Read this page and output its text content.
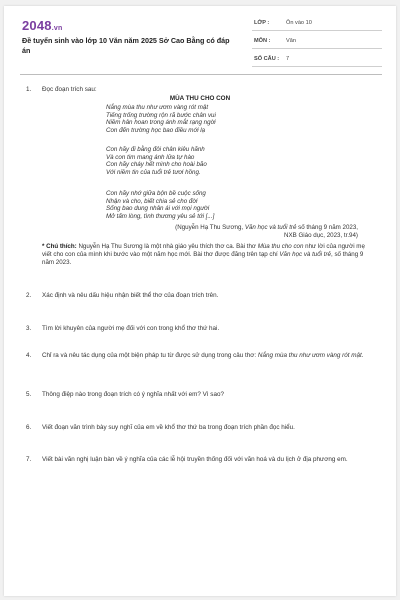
2048.vn
Đề tuyển sinh vào lớp 10 Văn năm 2025 Sở Cao Bằng có đáp án
LỚP :	Ôn vào 10
MÔN :	Văn
SỐ CÂU : 7
1. Đọc đoạn trích sau:
MÙA THU CHO CON
Nắng mùa thu như ươm vàng rót mật
Tiếng trống trường rộn rã bước chân vui
Niềm hân hoan trong ánh mắt rạng ngời
Con đến trường học bao điều mới lạ
Con hãy đi bằng đôi chân kiêu hãnh
Và con tim mang ánh lửa tự hào
Con hãy cháy hết mình cho hoài bão
Với niềm tin của tuổi trẻ tươi hồng.
Con hãy nhớ giữa bộn bề cuộc sống
Nhận và cho, biết chia sẻ cho đời
Sống bao dung nhân ái với mọi người
Mở tấm lòng, tình thương yêu sẻ tới [...]
(Nguyễn Hạ Thu Sương, Văn học và tuổi trẻ số tháng 9 năm 2023,
NXB Giáo dục, 2023, tr.94)
* Chú thích: Nguyễn Hạ Thu Sương là một nhà giáo yêu thích thơ ca. Bài thơ Mùa thu cho con như lời của người mẹ viết cho con của mình khi bước vào một năm học mới. Bài thơ được đăng trên tạp chí Văn học và tuổi trẻ, số tháng 9 năm 2023.
2. Xác định và nêu dấu hiệu nhận biết thể thơ của đoạn trích trên.
3. Tìm lời khuyên của người mẹ đối với con trong khổ thơ thứ hai.
4. Chỉ ra và nêu tác dụng của một biện pháp tu từ được sử dụng trong câu thơ: Nắng mùa thu như ươm vàng rót mật.
5. Thông điệp nào trong đoạn trích có ý nghĩa nhất với em? Vì sao?
6. Viết đoạn văn trình bày suy nghĩ của em về khổ thơ thứ ba trong đoạn trích phần đọc hiểu.
7. Viết bài văn nghị luận bàn về ý nghĩa của các lễ hội truyền thống đối với văn hoá và du lịch ở địa phương em.
